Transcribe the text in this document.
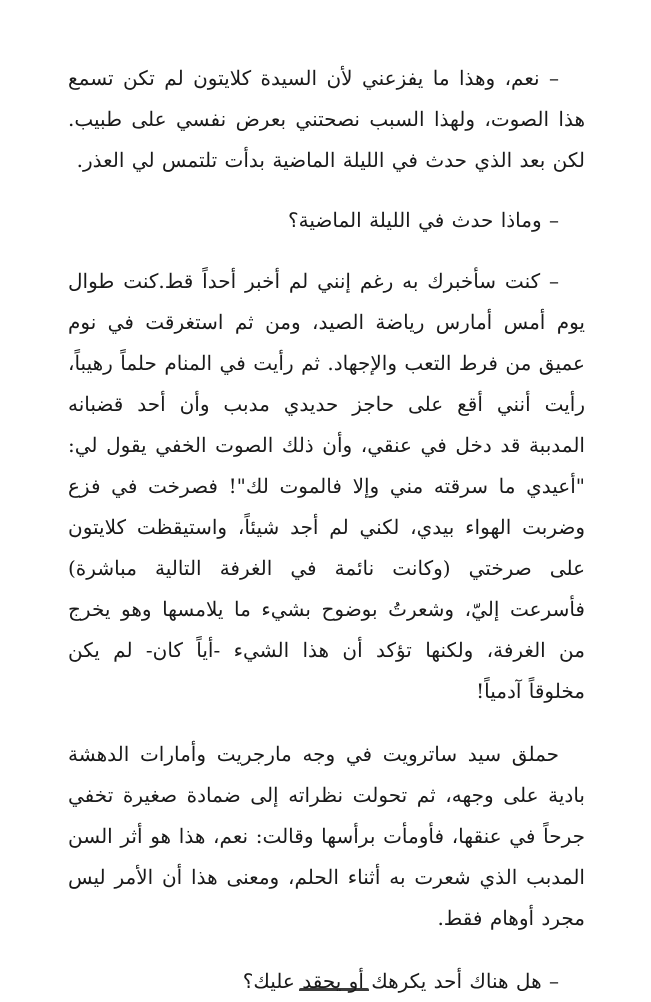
– نعم، وهذا ما يفزعني لأن السيدة كلايتون لم تكن تسمع هذا الصوت، ولهذا السبب نصحتني بعرض نفسي على طبيب. لكن بعد الذي حدث في الليلة الماضية بدأت تلتمس لي العذر.

– وماذا حدث في الليلة الماضية؟

– كنت سأخبرك به رغم إنني لم أخبر أحداً قط.كنت طوال يوم أمس أمارس رياضة الصيد، ومن ثم استغرقت في نوم عميق من فرط التعب والإجهاد. ثم رأيت في المنام حلماً رهيباً، رأيت أنني أقع على حاجز حديدي مدبب وأن أحد قضبانه المدببة قد دخل في عنقي، وأن ذلك الصوت الخفي يقول لي: "أعيدي ما سرقته مني وإلا فالموت لك"! فصرخت في فزع وضربت الهواء بيدي، لكني لم أجد شيئاً، واستيقظت كلايتون على صرختي (وكانت نائمة في الغرفة التالية مباشرة) فأسرعت إليّ، وشعرتُ بوضوح بشيء ما يلامسها وهو يخرج من الغرفة، ولكنها تؤكد أن هذا الشيء -أياً كان- لم يكن مخلوقاً آدمياً!

حملق سيد ساترويت في وجه مارجريت وأمارات الدهشة بادية على وجهه، ثم تحولت نظراته إلى ضمادة صغيرة تخفي جرحاً في عنقها، فأومأت برأسها وقالت: نعم، هذا هو أثر السن المدبب الذي شعرت به أثناء الحلم، ومعنى هذا أن الأمر ليس مجرد أوهام فقط.

– هل هناك أحد يكرهك أو يحقد عليك؟
